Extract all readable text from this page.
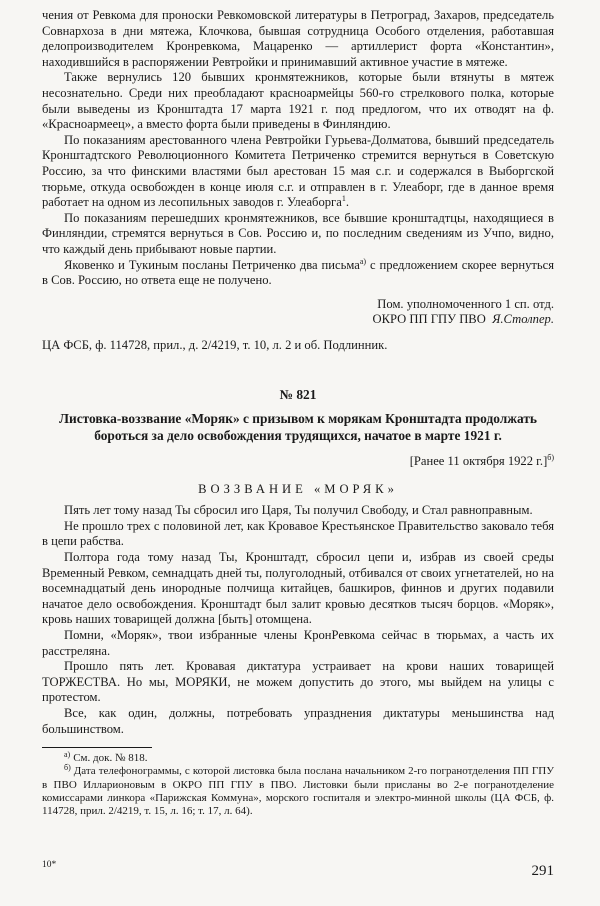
чения от Ревкома для проноски Ревкомовской литературы в Петроград, Захаров, председатель Совнархоза в дни мятежа, Клочкова, бывшая сотрудница Особого отделения, работавшая делопроизводителем Кронревкома, Мацаренко — артиллерист форта «Константин», находившийся в распоряжении Ревтройки и принимавший активное участие в мятеже.

Также вернулись 120 бывших кронмятежников, которые были втянуты в мятеж несознательно. Среди них преобладают красноармейцы 560-го стрелкового полка, которые были выведены из Кронштадта 17 марта 1921 г. под предлогом, что их отводят на ф. «Красноармеец», а вместо форта были приведены в Финляндию.

По показаниям арестованного члена Ревтройки Гурьева-Долматова, бывший председатель Кронштадтского Революционного Комитета Петриченко стремится вернуться в Советскую Россию, за что финскими властями был арестован 15 мая с.г. и содержался в Выборгской тюрьме, откуда освобожден в конце июля с.г. и отправлен в г. Улеаборг, где в данное время работает на одном из лесопильных заводов г. Улеаборга$^1$.

По показаниям перешедших кронмятежников, все бывшие кронштадтцы, находящиеся в Финляндии, стремятся вернуться в Сов. Россию и, по последним сведениям из Учпо, видно, что каждый день прибывают новые партии.

Яковенко и Тукиным посланы Петриченко два письма$^{а)}$ с предложением скорее вернуться в Сов. Россию, но ответа еще не получено.

Пом. уполномоченного 1 сп. отд.
ОКРО ПП ГПУ ПВО Я.Столпер.

ЦА ФСБ, ф. 114728, прил., д. 2/4219, т. 10, л. 2 и об. Подлинник.

№ 821
Листовка-воззвание «Моряк» с призывом к морякам Кронштадта продолжать бороться за дело освобождения трудящихся, начатое в марте 1921 г.
[Ранее 11 октября 1922 г.]$^{б)}$
ВОЗЗВАНИЕ «МОРЯК»

Пять лет тому назад Ты сбросил иго Царя, Ты получил Свободу, и Стал равноправным.

Не прошло трех с половиной лет, как Кровавое Крестьянское Правительство заковало тебя в цепи рабства.

Полтора года тому назад Ты, Кронштадт, сбросил цепи и, избрав из своей среды Временный Ревком, семнадцать дней ты, полуголодный, отбивался от своих угнетателей, но на восемнадцатый день инородные полчища китайцев, башкиров, финнов и других подавили начатое дело освобождения. Кронштадт был залит кровью десятков тысяч борцов. «Моряк», кровь наших товарищей должна [быть] отомщена.

Помни, «Моряк», твои избранные члены КронРевкома сейчас в тюрьмах, а часть их расстреляна.

Прошло пять лет. Кровавая диктатура устраивает на крови наших товарищей ТОРЖЕСТВА. Но мы, МОРЯКИ, не можем допустить до этого, мы выйдем на улицы с протестом.

Все, как один, должны, потребовать упразднения диктатуры меньшинства над большинством.

$^{а)}$ См. док. № 818.

$^{б)}$ Дата телефонограммы, с которой листовка была послана начальником 2-го погранотделения ПП ГПУ в ПВО Илларионовым в ОКРО ПП ГПУ в ПВО. Листовки были присланы во 2-е погранотделение комиссарами линкора «Парижская Коммуна», морского госпиталя и электро-минной школы (ЦА ФСБ, ф. 114728, прил. 2/4219, т. 15, л. 16; т. 17, л. 64).

10*	291
